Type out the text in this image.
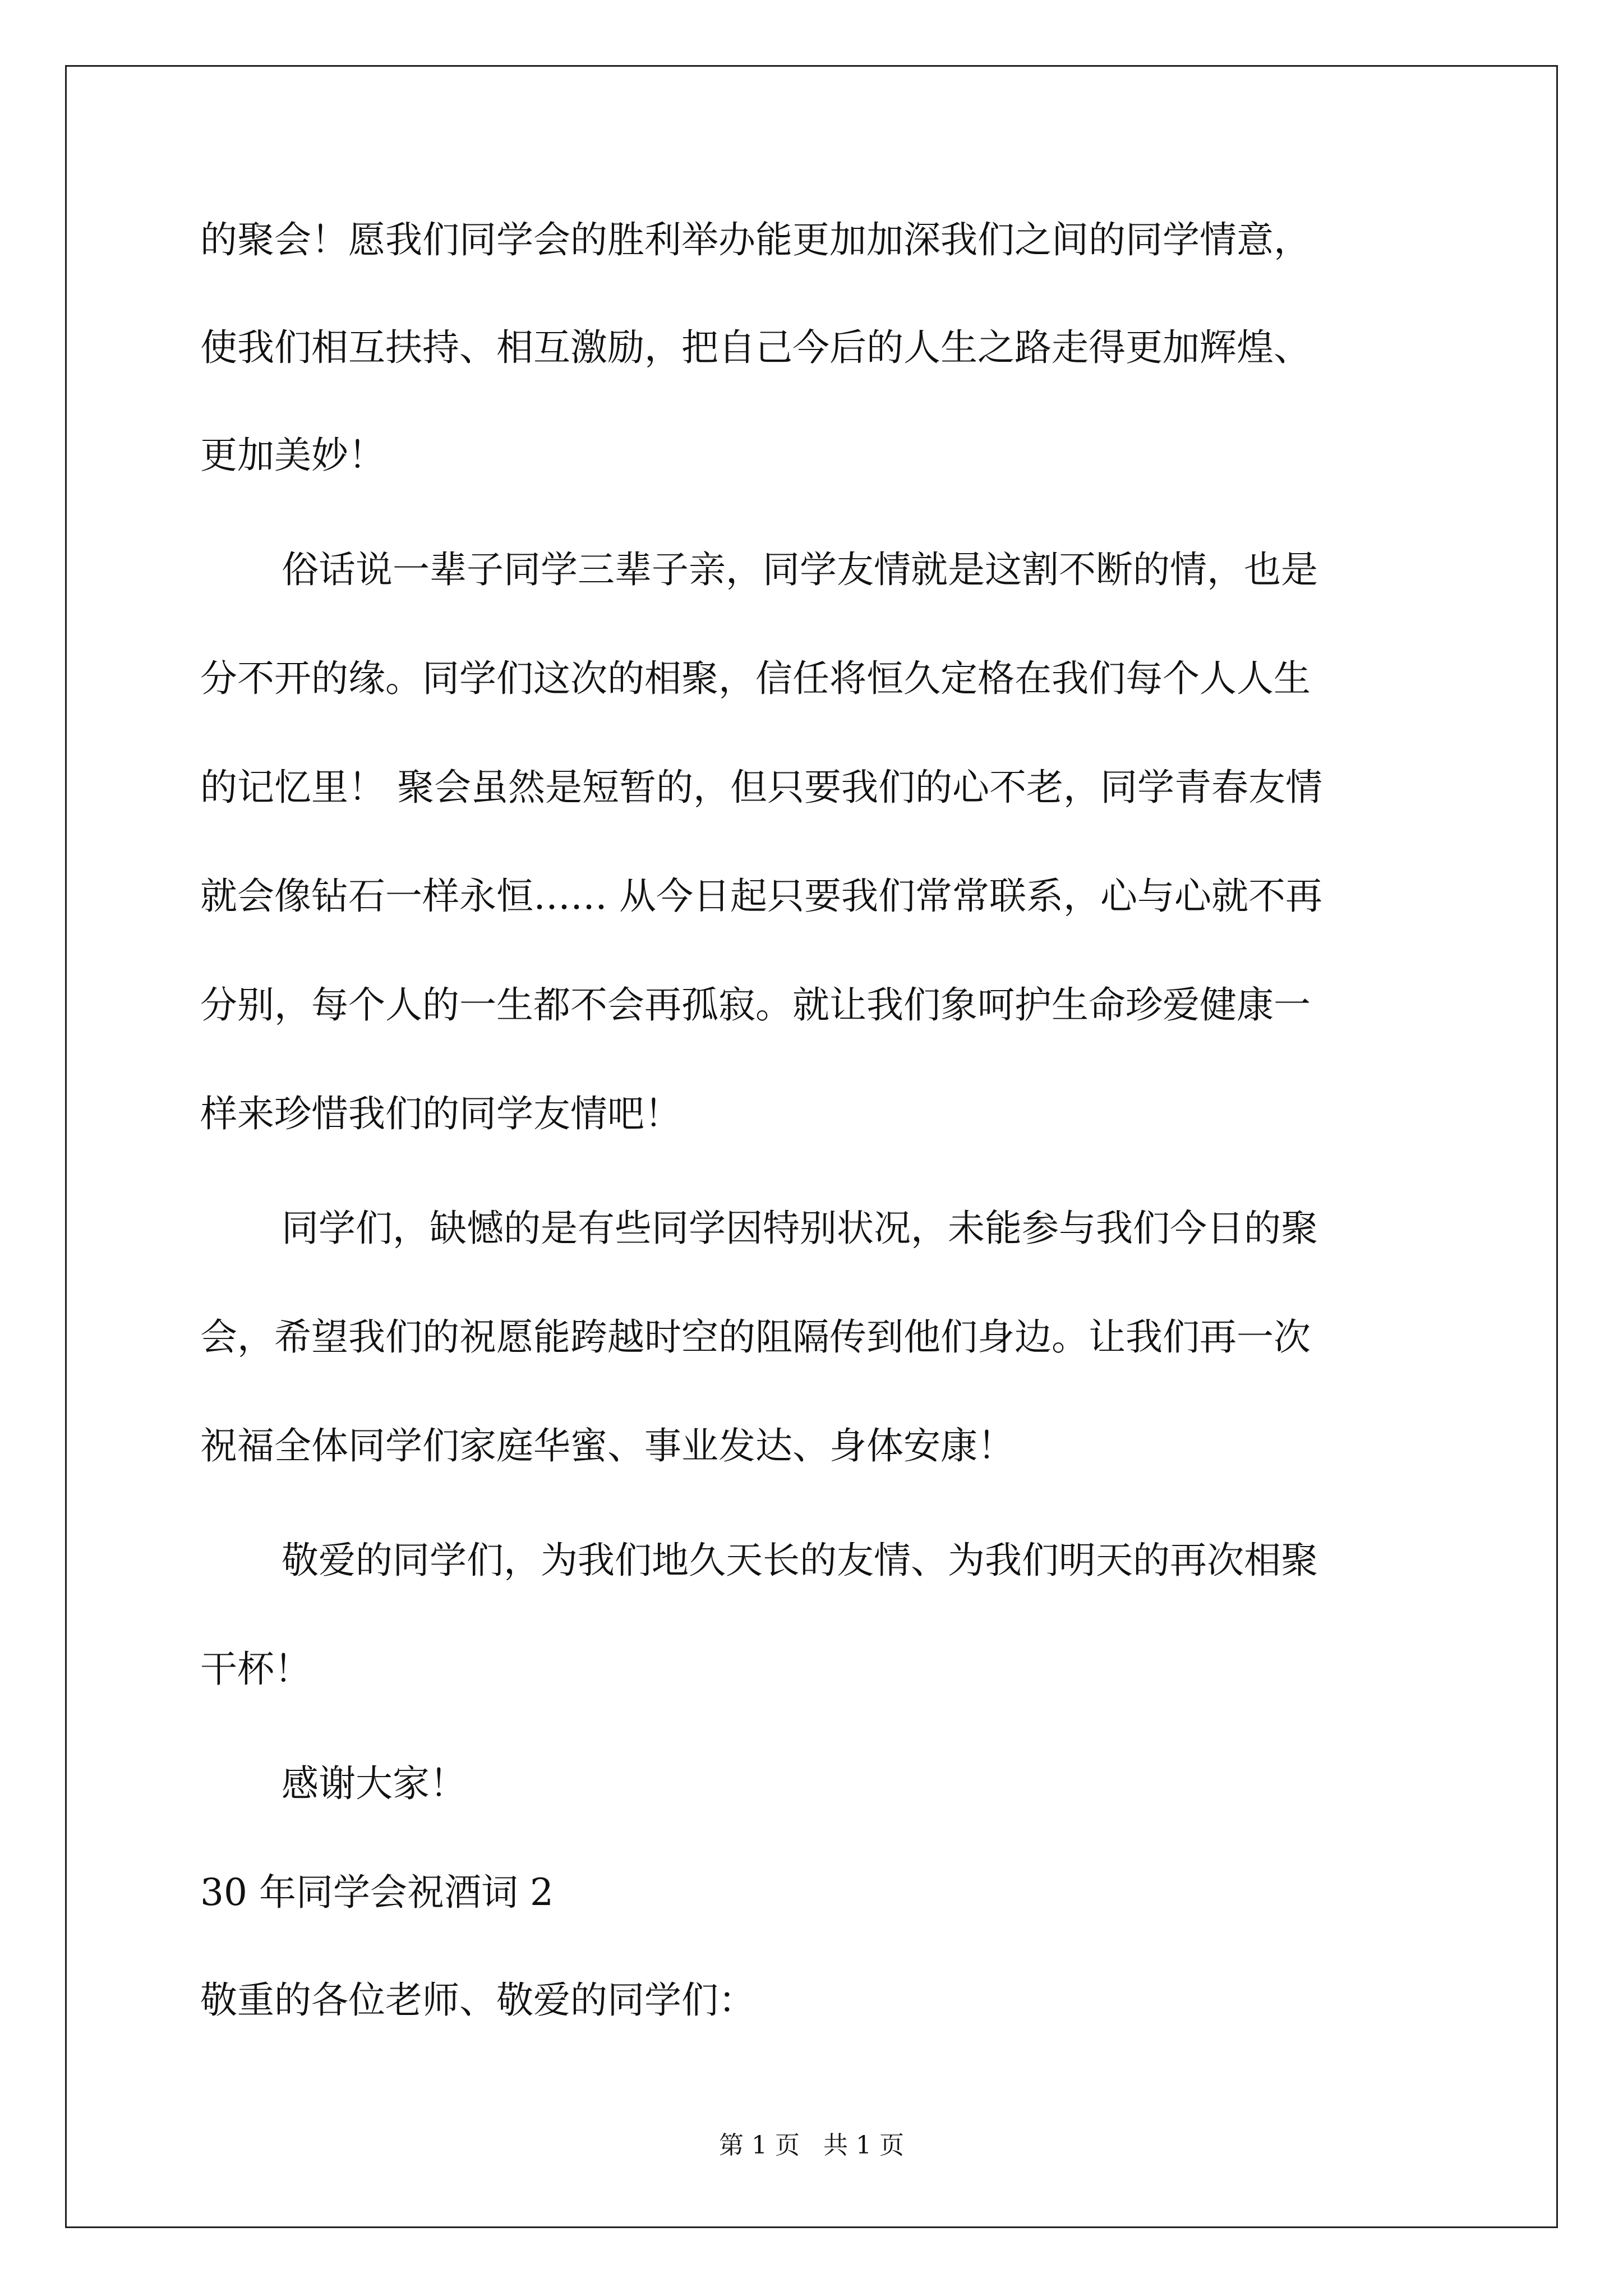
的聚会！愿我们同学会的胜利举办能更加加深我们之间的同学情意，
使我们相互扶持、相互激励，把自己今后的人生之路走得更加辉煌、
更加美妙！
俗话说一辈子同学三辈子亲，同学友情就是这割不断的情，也是
分不开的缘。同学们这次的相聚，信任将恒久定格在我们每个人人生
的记忆里！ 聚会虽然是短暂的，但只要我们的心不老，同学青春友情
就会像钻石一样永恒…… 从今日起只要我们常常联系，心与心就不再
分别，每个人的一生都不会再孤寂。就让我们象呵护生命珍爱健康一
样来珍惜我们的同学友情吧！
同学们，缺憾的是有些同学因特别状况，未能参与我们今日的聚
会，希望我们的祝愿能跨越时空的阻隔传到他们身边。让我们再一次
祝福全体同学们家庭华蜜、事业发达、身体安康！
敬爱的同学们，为我们地久天长的友情、为我们明天的再次相聚
干杯！
感谢大家！
30 年同学会祝酒词 2
敬重的各位老师、敬爱的同学们：
第 1 页   共 1 页
